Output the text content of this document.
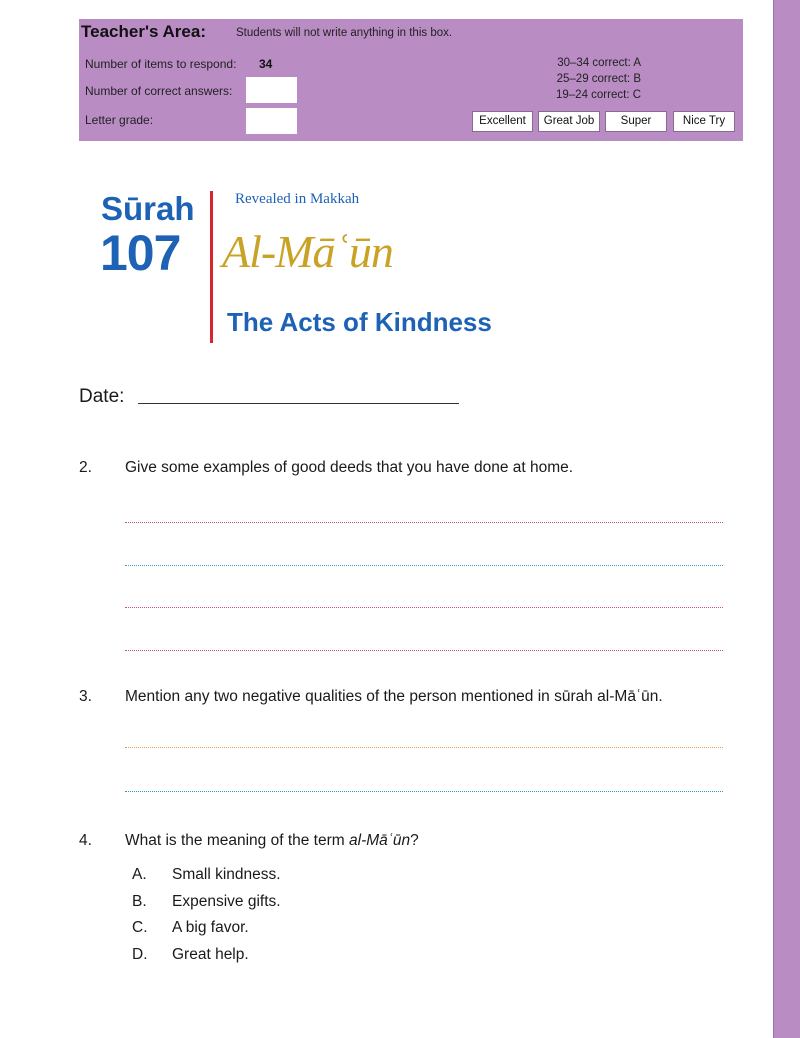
Teacher's Area:	Students will not write anything in this box.
Number of items to respond: 34
Number of correct answers:
Letter grade:
30–34 correct: A
25–29 correct: B
19–24 correct: C
Excellent	Great Job	Super	Nice Try
Sūrah
107
Revealed in Makkah
Al-Māʿūn
The Acts of Kindness
Date:
2. Give some examples of good deeds that you have done at home.
3. Mention any two negative qualities of the person mentioned in sūrah al-Māʿūn.
4. What is the meaning of the term al-Māʿūn?
A. Small kindness.
B. Expensive gifts.
C. A big favor.
D. Great help.
